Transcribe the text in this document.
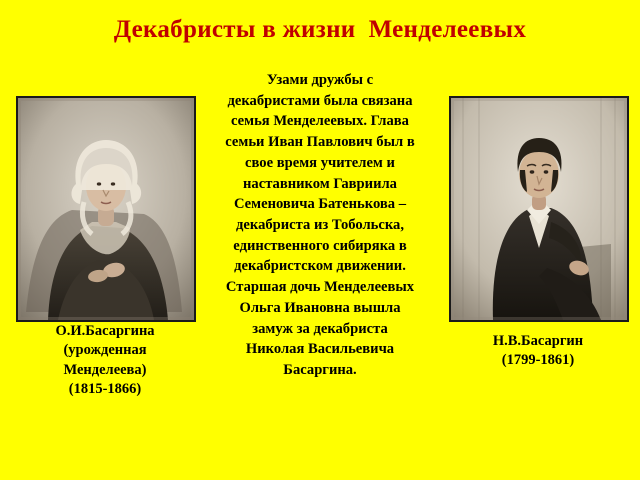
Декабристы в жизни  Менделеевых
О.И.Басаргина
(урожденная
Менделеева)
(1815-1866)
Узами дружбы с декабристами была связана семья Менделеевых. Глава семьи Иван Павлович был в свое время учителем и наставником Гавриила Семеновича Батенькова – декабриста из Тобольска, единственного сибиряка в декабристском движении. Старшая дочь Менделеевых Ольга Ивановна вышла замуж за декабриста Николая Васильевича Басаргина.
Н.В.Басаргин
(1799-1861)
